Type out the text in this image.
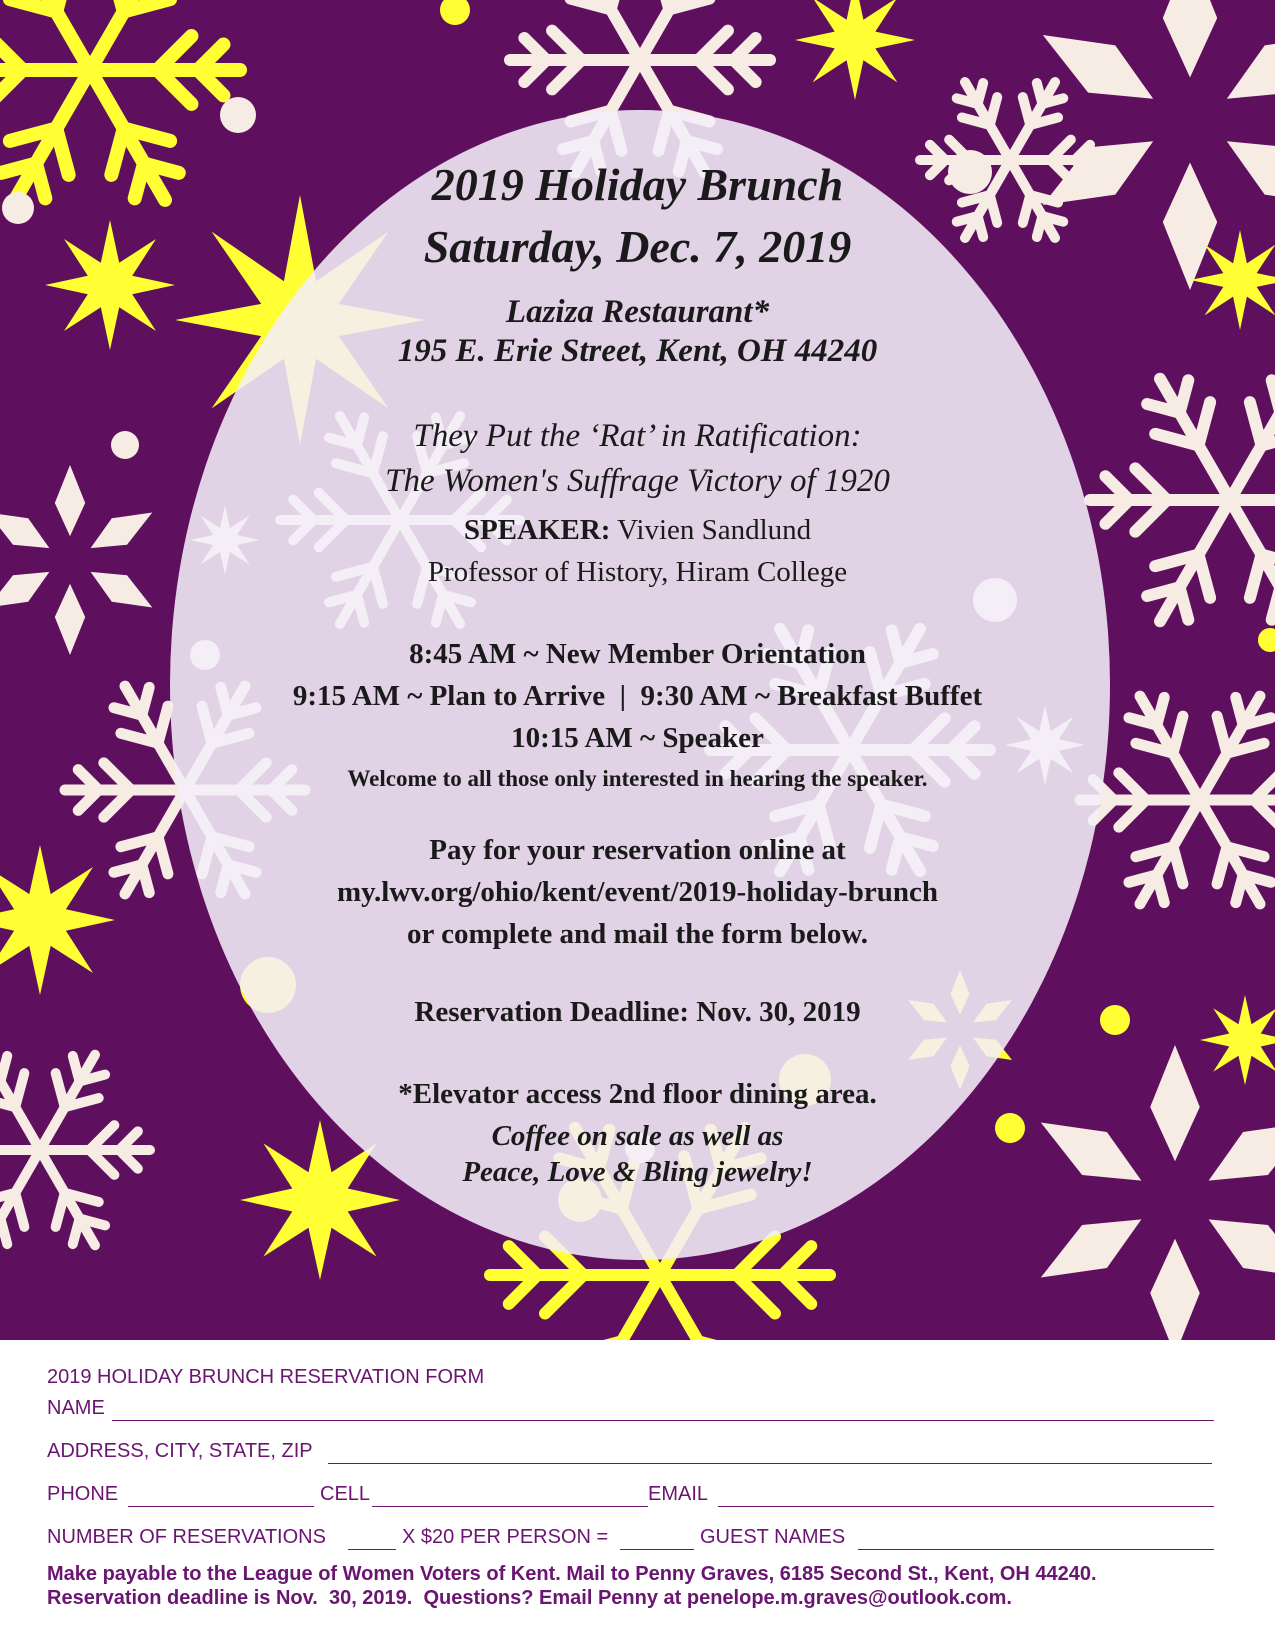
2019 Holiday Brunch
Saturday, Dec. 7, 2019
Laziza Restaurant*
195 E. Erie Street, Kent, OH 44240
They Put the ‘Rat’ in Ratification:
The Women's Suffrage Victory of 1920
SPEAKER: Vivien Sandlund
Professor of History, Hiram College
8:45 AM ~ New Member Orientation
9:15 AM ~ Plan to Arrive  |  9:30 AM ~ Breakfast Buffet
10:15 AM ~ Speaker
Welcome to all those only interested in hearing the speaker.
Pay for your reservation online at
my.lwv.org/ohio/kent/event/2019-holiday-brunch
or complete and mail the form below.
Reservation Deadline: Nov. 30, 2019
*Elevator access 2nd floor dining area.
Coffee on sale as well as
Peace, Love & Bling jewelry!
2019 HOLIDAY BRUNCH RESERVATION FORM
NAME
ADDRESS, CITY, STATE, ZIP
PHONE	CELL	EMAIL
NUMBER OF RESERVATIONS	X $20 PER PERSON =	GUEST NAMES
Make payable to the League of Women Voters of Kent. Mail to Penny Graves, 6185 Second St., Kent, OH 44240.
Reservation deadline is Nov.  30, 2019.  Questions? Email Penny at penelope.m.graves@outlook.com.
